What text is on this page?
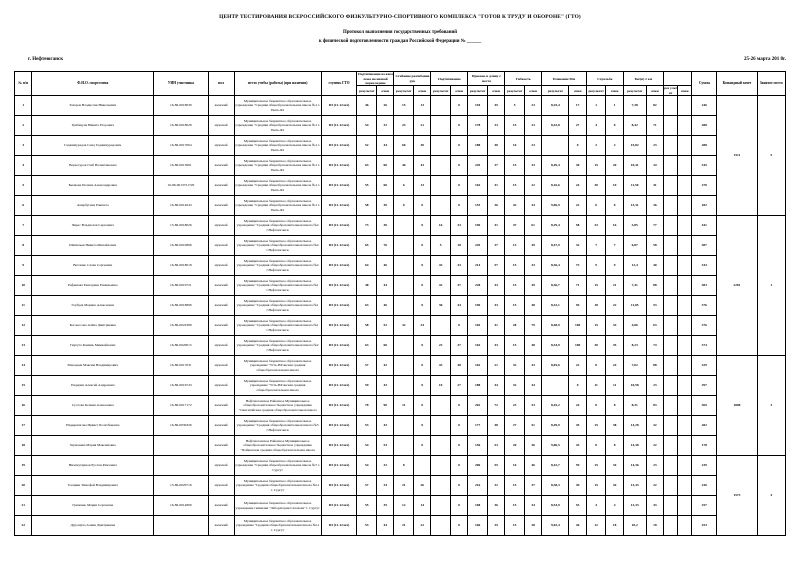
ЦЕНТР ТЕСТИРОВАНИЯ ВСЕРОССИЙСКОГО ФИЗКУЛЬТУРНО-СПОРТИВНОГО КОМПЛЕКСА "ГОТОВ К ТРУДУ И ОБОРОНЕ" (ГТО)
Протокол выполнения государственных требований
к физической подготовленности граждан Российской Федерации № ______
г. Нефтеюганск	25-26 марта 201 8г.
№ п/п	Ф.И.О. спортсмена	УИН участника	пол	место учебы (работы) (при наличии)	ступень ГТО	Подтягивание из виса лежа на низкой перекладине		Сгибание разгибание рук		Подтягивание		Прыжок в длину с места		Гибкость		Плавание 50м		Стрельба		Бег(в) 2 км				Сумма	Командный зачет	Занятое место
						результат	очки	результат	очки	результат	очки	результат	очки	результат	очки	результат	очки	результат	очки	результат	очки	рез ульт ат	очки			
1	Захаров Владислав Николаевич	16-86-0018030	женский	Муниципальное бюджетное образовательное учреждение "Средняя общеобразовательная школа №1 г. Пыть-Ях	III (11-12лет)	46	26	15	13		0	194	45	5	23	8,25,4	17	1	1	7,38	82			246	1511	5
2	Грибецуев Никита Егорович	16-86-0018029	мужской	Муниципальное бюджетное образовательное учреждение "Средняя общеобразовательная школа №1 г. Пыть-Ях	III (11-12лет)	54	32	24	21		0	178	33	15	23	8,42,8	27	4	0	8,42	71			288		
3	Гаджимурадов Саид Гаджимурадович	16-86-0017004	мужской	Муниципальное бюджетное образовательное учреждение "Средняя общеобразовательная школа №1 г. Пыть-Ях	III (11-12лет)	52	44	60	30		0	188	40	16	23		0	2	2	15,82	23			288		
4	Верхотуров Глеб Валентинович	16-86-0013991	женский	Муниципальное бюджетное образовательное учреждение "Средняя общеобразовательная школа №1 г. Пыть-Ях	III (11-12лет)	63	60	46	43		0	245	37	15	33	8,49,4	30	15	20	10,41	34			345		
5	Былкова Полина Александровна	16-86-0013721729	женский	Муниципальное бюджетное образовательное учреждение "Средняя общеобразовательная школа №1 г. Пыть-Ях	III (11-12лет)	55	60	6	13		0	163	41	15	22	8,16,6	24	30	10	11,50	41			270		
6	Амербугина Равшета	16-86-0014043	женский	Муниципальное бюджетное образовательное учреждение "Средняя общеобразовательная школа №1 г. Пыть-Ях	III (11-12лет)	58	30	0	0		0	153	36	42	34	9,06,9	22	0	0	13,31	36			182		
7	Чирес Владислав Сергеевич	13-86-0018026	мужской	Муниципальное бюджетное образовательное учреждение "Средняя общеобразовательная школа №4 г.Нефтеюганск	III (11-12лет)	73	30		0	16	33	196	41	47	61	8,29,4	58	33	16	3,85	77			441	2281	1
8	Шапильев Никита Михайлович	16-86-0010866	мужской	Муниципальное бюджетное образовательное учреждение "Средняя общеобразовательная школа №4 г.Нефтеюганск	III (11-12лет)	65	76		0	5	18	245	37	13	49	8,47,9	32	7	7	6,87	58			387		
9	Ветошко Слава Сергеевич	16-86-0018018	мужской	Муниципальное бюджетное образовательное учреждение "Средняя общеобразовательная школа №4 г.Нефтеюганск	III (11-12лет)	64	46		0	43	43	214	57	15	33	8,36,4	73	9	9	12,4	40			343		
10	Рефимова Екатерина Рамильевна	16-86-0019721	женский	Муниципальное бюджетное образовательное учреждение "Средняя общеобразовательная школа №1 г.Нефтеюганск	III (11-12лет)	48	44		0	42	37	228	43	15	49	8,36,7	71	15	21	7,41	88			383		
11	Горбуев Марина Алексеевна	16-86-0018890	женский	Муниципальное бюджетное образовательное учреждение "Средняя общеобразовательная школа №1 г.Нефтеюганск	III (11-12лет)	63	46		0	30	44	196	43	15	48	8,32,1	94	18	22	11,05	53			376		
12	Богоносова Алёна Дмитриевна	16-86-0022389	женский	Муниципальное бюджетное образовательное учреждение "Средняя общеобразовательная школа №1 г.Нефтеюганск	III (11-12лет)	58	52	32	34		0	165	41	28	79	8,48,9	100	15	33	4,06	63			376		
13	Гиргуте Камиль Миккайлович	16-86-0020015	мужской	Муниципальное бюджетное образовательное учреждение "Средняя общеобразовательная школа №2 г.Нефтеюганск	III (11-12лет)	63	60		0	23	37	163	43	15	48	8,34,9	100	30	35	8,23	74			374		
14	Манадаев Максим Владимирович	16-86-0017031	мужской	Муниципальное бюджетное образовательное учреждение "Усть-Юганская средняя общеобразовательная школа	III (11-12лет)	57	42		0	43	48	162	21	32	43	8,05,6	22	8	24	7,02	88			329	1808	3
15	Падерин Алексей Андреевич	16-86-0016743	мужской	Муниципальное бюджетное образовательное учреждение "Усть-Юганская средняя общеобразовательная школа	III (11-12лет)	59	43		0	10	27	188	44	32	44		0	11	11	10,58	23			297		
16	Суслова Ксения Алексеевна	16-86-0017172	женский	Нефтеюганское Районное Муниципальное общеобразовательное бюджетное учреждение "Сингапайская средняя общеобразовательная школа	III (11-12лет)	78	90	11	0		0	202	72	23	53	8,45,2	24	8	8	8,31	83			369		
17	Надыршагова Ирвист Болатбековна	16-86-0030326	женский	Муниципальное бюджетное образовательное учреждение "Средняя общеобразовательная школа №3 г.Нефтеюганск	III (11-12лет)	53	43		0		0	177	48	27	51	8,49,9	45	15	38	14,28	32			282		
18	Заушанева Мария Максимовна		женский	Нефтеюганское Районное Муниципальное общеобразовательное бюджетное учреждение "Пойковская средняя общеобразовательная школа	III (11-12лет)	54	53		0		0	156	53	20	36	9,06,5	43	8	8	14,38	22			178		
19	Низамутдинов Руслан Рамзович		мужской	Муниципальное бюджетное образовательное учреждение "Средняя общеобразовательная школа №7 г. Сургут	III (11-12лет)	54	32	8			0	206	55	16	46	8,42,7	59	15	34	14,36	23			239	1573	4
20	Тоецкин Тимофей Владимирович	13-86-0020716	мужской	Муниципальное бюджетное образовательное учреждение "Средняя общеобразовательная школа №11 г. Сургут	III (11-12лет)	57	34	21	26		0	216	32	15	37	8,38,3	49	15	44	13,43	22			236		
21	Гриченко Мария Сергеевна	16-86-0014800	женский	Муниципальное бюджетное образовательное учреждение гимназия "Лаборатория Салахова" г. Сургут	III (11-12лет)	55	35	12	14		0	168	36	15	34	8,54,9	53	4	4	12,33	43			257		
22	Дудошуха Алина Дмитриевна		женский	Муниципальное бюджетное образовательное учреждение "Средняя общеобразовательная школа №11 г. Сургут	III (11-12лет)	53	44	21	22		0	166	35	15	28	9,02,4	46	12	18	10,2	18			253		
